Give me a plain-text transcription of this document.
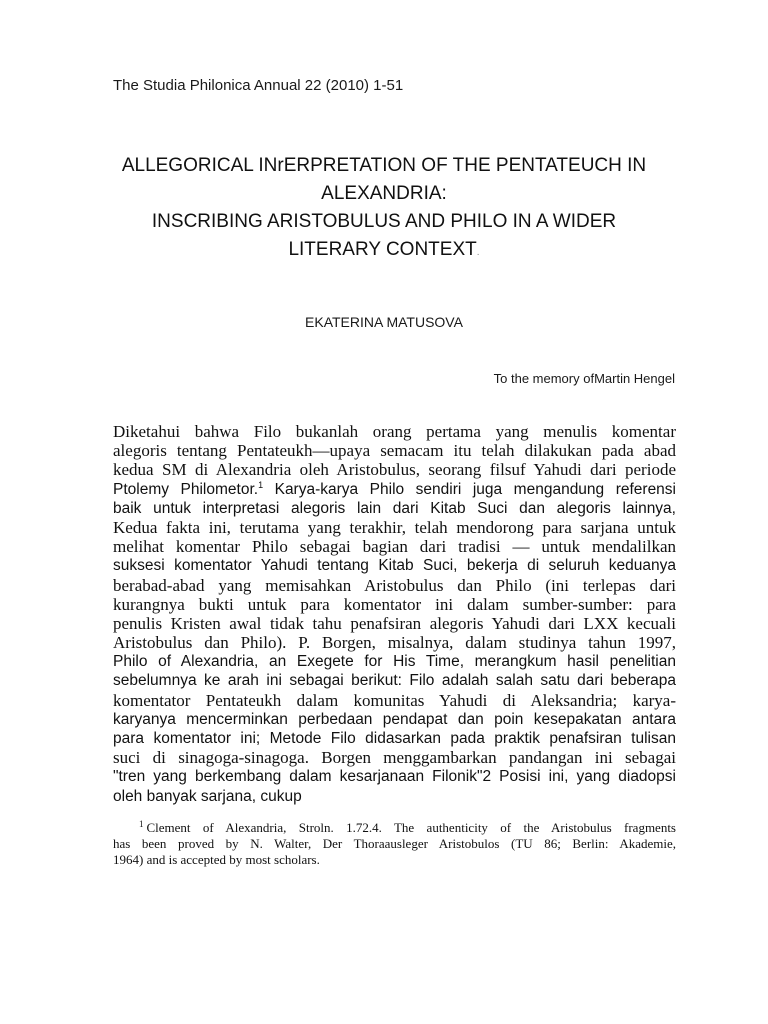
The Studia Philonica Annual 22 (2010) 1-51
ALLEGORICAL INrERPRETATION OF THE PENTATEUCH IN
ALEXANDRIA:
INSCRIBING ARISTOBULUS AND PHILO IN A WIDER
LITERARY CONTEXT.
EKATERINA MATUSOVA
To the memory ofMartin Hengel
Diketahui bahwa Filo bukanlah orang pertama yang menulis komentar
alegoris tentang Pentateukh—upaya semacam itu telah dilakukan pada abad
kedua SM di Alexandria oleh Aristobulus, seorang filsuf Yahudi dari periode
Ptolemy Philometor.$^1$ Karya-karya Philo sendiri juga mengandung referensi
baik untuk interpretasi alegoris lain dari Kitab Suci dan alegoris lainnya,
Kedua fakta ini, terutama yang terakhir, telah mendorong para sarjana untuk
melihat komentar Philo sebagai bagian dari tradisi — untuk mendalilkan
suksesi komentator Yahudi tentang Kitab Suci, bekerja di seluruh keduanya
berabad-abad yang memisahkan Aristobulus dan Philo (ini terlepas dari
kurangnya bukti untuk para komentator ini dalam sumber-sumber: para
penulis Kristen awal tidak tahu penafsiran alegoris Yahudi dari LXX kecuali
Aristobulus dan Philo). P. Borgen, misalnya, dalam studinya tahun 1997,
Philo of Alexandria, an Exegete for His Time, merangkum hasil penelitian
sebelumnya ke arah ini sebagai berikut: Filo adalah salah satu dari beberapa
komentator Pentateukh dalam komunitas Yahudi di Aleksandria; karya-
karyanya mencerminkan perbedaan pendapat dan poin kesepakatan antara
para komentator ini; Metode Filo didasarkan pada praktik penafsiran tulisan
suci di sinagoga-sinagoga. Borgen menggambarkan pandangan ini sebagai
"tren yang berkembang dalam kesarjanaan Filonik"2 Posisi ini, yang diadopsi
oleh banyak sarjana, cukup
$^1$ Clement of Alexandria, Stroln. 1.72.4. The authenticity of the Aristobulus fragments
has been proved by N. Walter, Der Thoraausleger Aristobulos (TU 86; Berlin: Akademie,
1964) and is accepted by most scholars.
